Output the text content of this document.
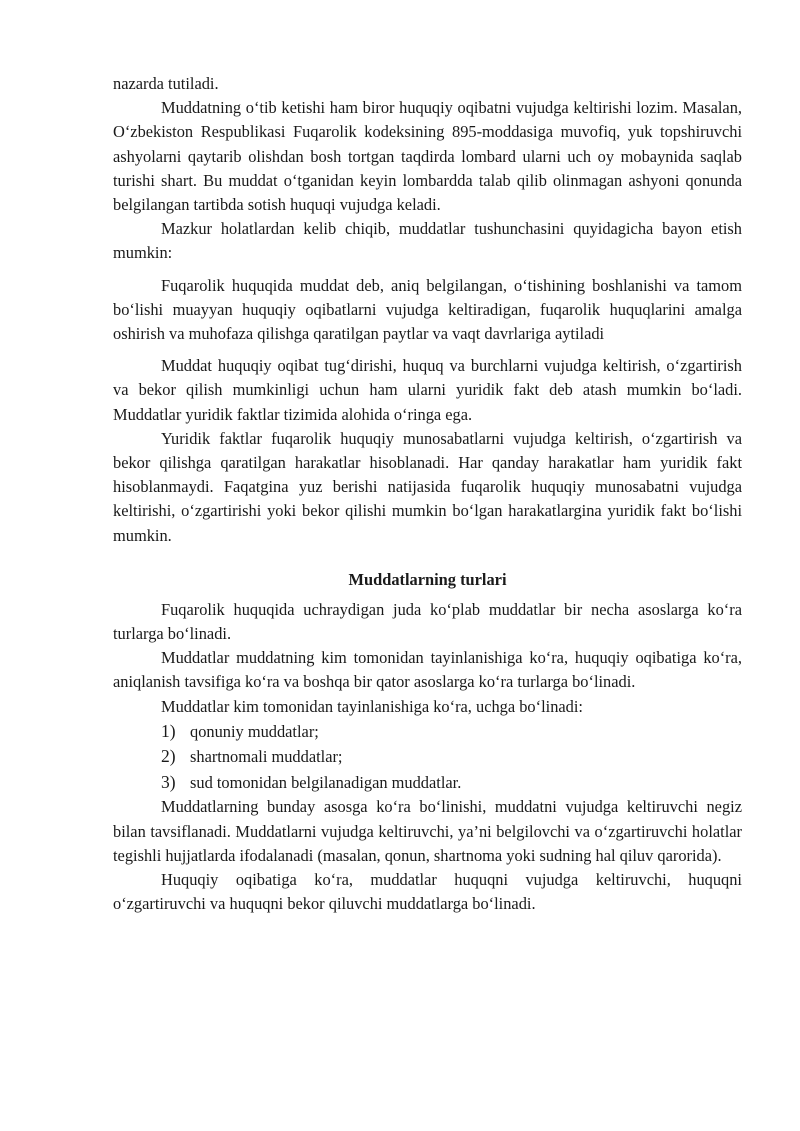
nazarda tutiladi.

Muddatning o‘tib ketishi ham biror huquqiy oqibatni vujudga keltirishi lozim. Masalan, O‘zbekiston Respublikasi Fuqarolik kodeksining 895-moddasiga muvofiq, yuk topshiruvchi ashyolarni qaytarib olishdan bosh tortgan taqdirda lombard ularni uch oy mobaynida saqlab turishi shart. Bu muddat o‘tganidan keyin lombardda talab qilib olinmagan ashyoni qonunda belgilangan tartibda sotish huquqi vujudga keladi.

Mazkur holatlardan kelib chiqib, muddatlar tushunchasini quyidagicha bayon etish mumkin:

Fuqarolik huquqida muddat deb, aniq belgilangan, o‘tishining boshlanishi va tamom bo‘lishi muayyan huquqiy oqibatlarni vujudga keltiradigan, fuqarolik huquqlarini amalga oshirish va muhofaza qilishga qaratilgan paytlar va vaqt davrlariga aytiladi

Muddat huquqiy oqibat tug‘dirishi, huquq va burchlarni vujudga keltirish, o‘zgartirish va bekor qilish mumkinligi uchun ham ularni yuridik fakt deb atash mumkin bo‘ladi. Muddatlar yuridik faktlar tizimida alohida o‘ringa ega.

Yuridik faktlar fuqarolik huquqiy munosabatlarni vujudga keltirish, o‘zgartirish va bekor qilishga qaratilgan harakatlar hisoblanadi. Har qanday harakatlar ham yuridik fakt hisoblanmaydi. Faqatgina yuz berishi natijasida fuqarolik huquqiy munosabatni vujudga keltirishi, o‘zgartirishi yoki bekor qilishi mumkin bo‘lgan harakatlargina yuridik fakt bo‘lishi mumkin.

Muddatlarning turlari

Fuqarolik huquqida uchraydigan juda ko‘plab muddatlar bir necha asoslarga ko‘ra turlarga bo‘linadi.

Muddatlar muddatning kim tomonidan tayinlanishiga ko‘ra, huquqiy oqibatiga ko‘ra, aniqlanish tavsifiga ko‘ra va boshqa bir qator asoslarga ko‘ra turlarga bo‘linadi.

Muddatlar kim tomonidan tayinlanishiga ko‘ra, uchga bo‘linadi:

1) qonuniy muddatlar;
2) shartnomali muddatlar;
3) sud tomonidan belgilanadigan muddatlar.

Muddatlarning bunday asosga ko‘ra bo‘linishi, muddatni vujudga keltiruvchi negiz bilan tavsiflanadi. Muddatlarni vujudga keltiruvchi, ya’ni belgilovchi va o‘zgartiruvchi holatlar tegishli hujjatlarda ifodalanadi (masalan, qonun, shartnoma yoki sudning hal qiluv qarorida).

Huquqiy oqibatiga ko‘ra, muddatlar huquqni vujudga keltiruvchi, huquqni o‘zgartiruvchi va huquqni bekor qiluvchi muddatlarga bo‘linadi.
